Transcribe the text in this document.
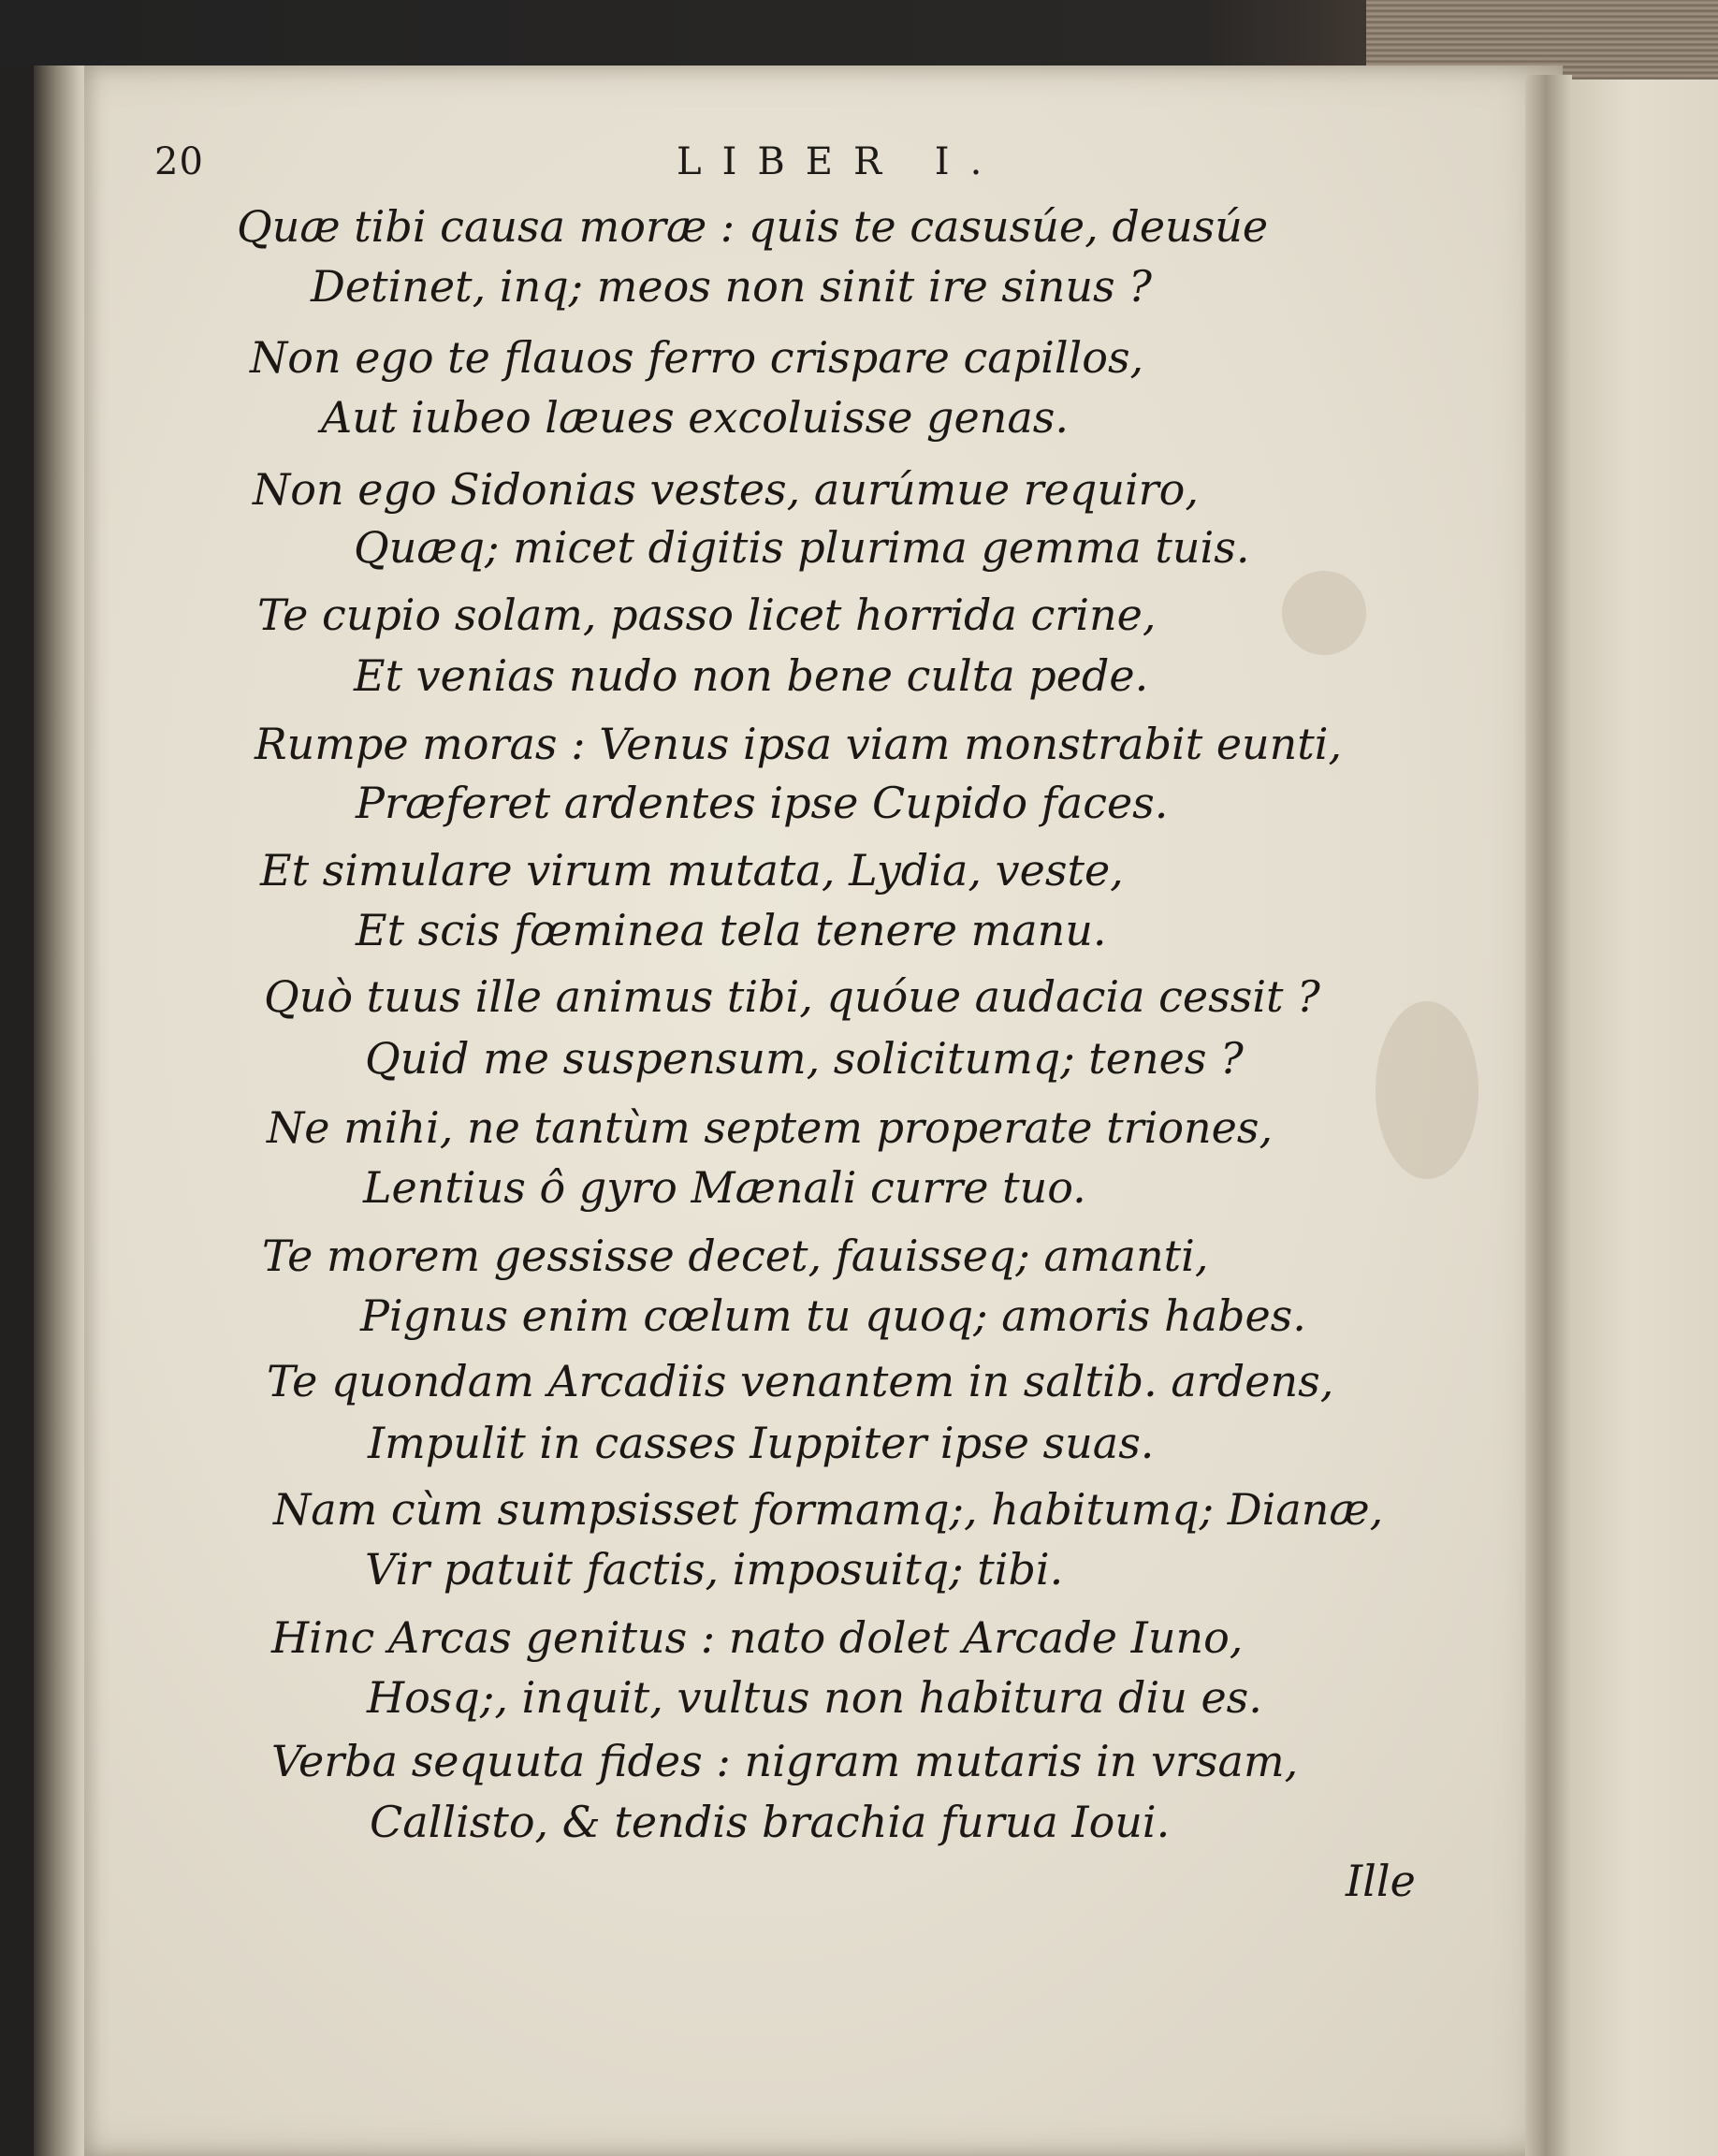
20	LIBER I.
Quæ tibi causa moræ : quis te casusúe, deusúe
Detinet, inq; meos non sinit ire sinus ?
Non ego te flauos ferro crispare capillos,
Aut iubeo læues excoluisse genas.
Non ego Sidonias vestes, aurúmue requiro,
Quæq; micet digitis plurima gemma tuis.
Te cupio solam, passo licet horrida crine,
Et venias nudo non bene culta pede.
Rumpe moras : Venus ipsa viam monstrabit eunti,
Præferet ardentes ipse Cupido faces.
Et simulare virum mutata, Lydia, veste,
Et scis fœminea tela tenere manu.
Quò tuus ille animus tibi, quóue audacia cessit ?
Quid me suspensum, solicitumq; tenes ?
Ne mihi, ne tantùm septem properate triones,
Lentius ô gyro Mænali curre tuo.
Te morem gessisse decet, fauisseq; amanti,
Pignus enim cœlum tu quoq; amoris habes.
Te quondam Arcadiis venantem in saltib. ardens,
Impulit in casses Iuppiter ipse suas.
Nam cùm sumpsisset formamq;, habitumq; Dianæ,
Vir patuit factis, imposuitq; tibi.
Hinc Arcas genitus : nato dolet Arcade Iuno,
Hosq;, inquit, vultus non habitura diu es.
Verba sequuta fides : nigram mutaris in vrsam,
Callisto, & tendis brachia furua Ioui.
Ille
